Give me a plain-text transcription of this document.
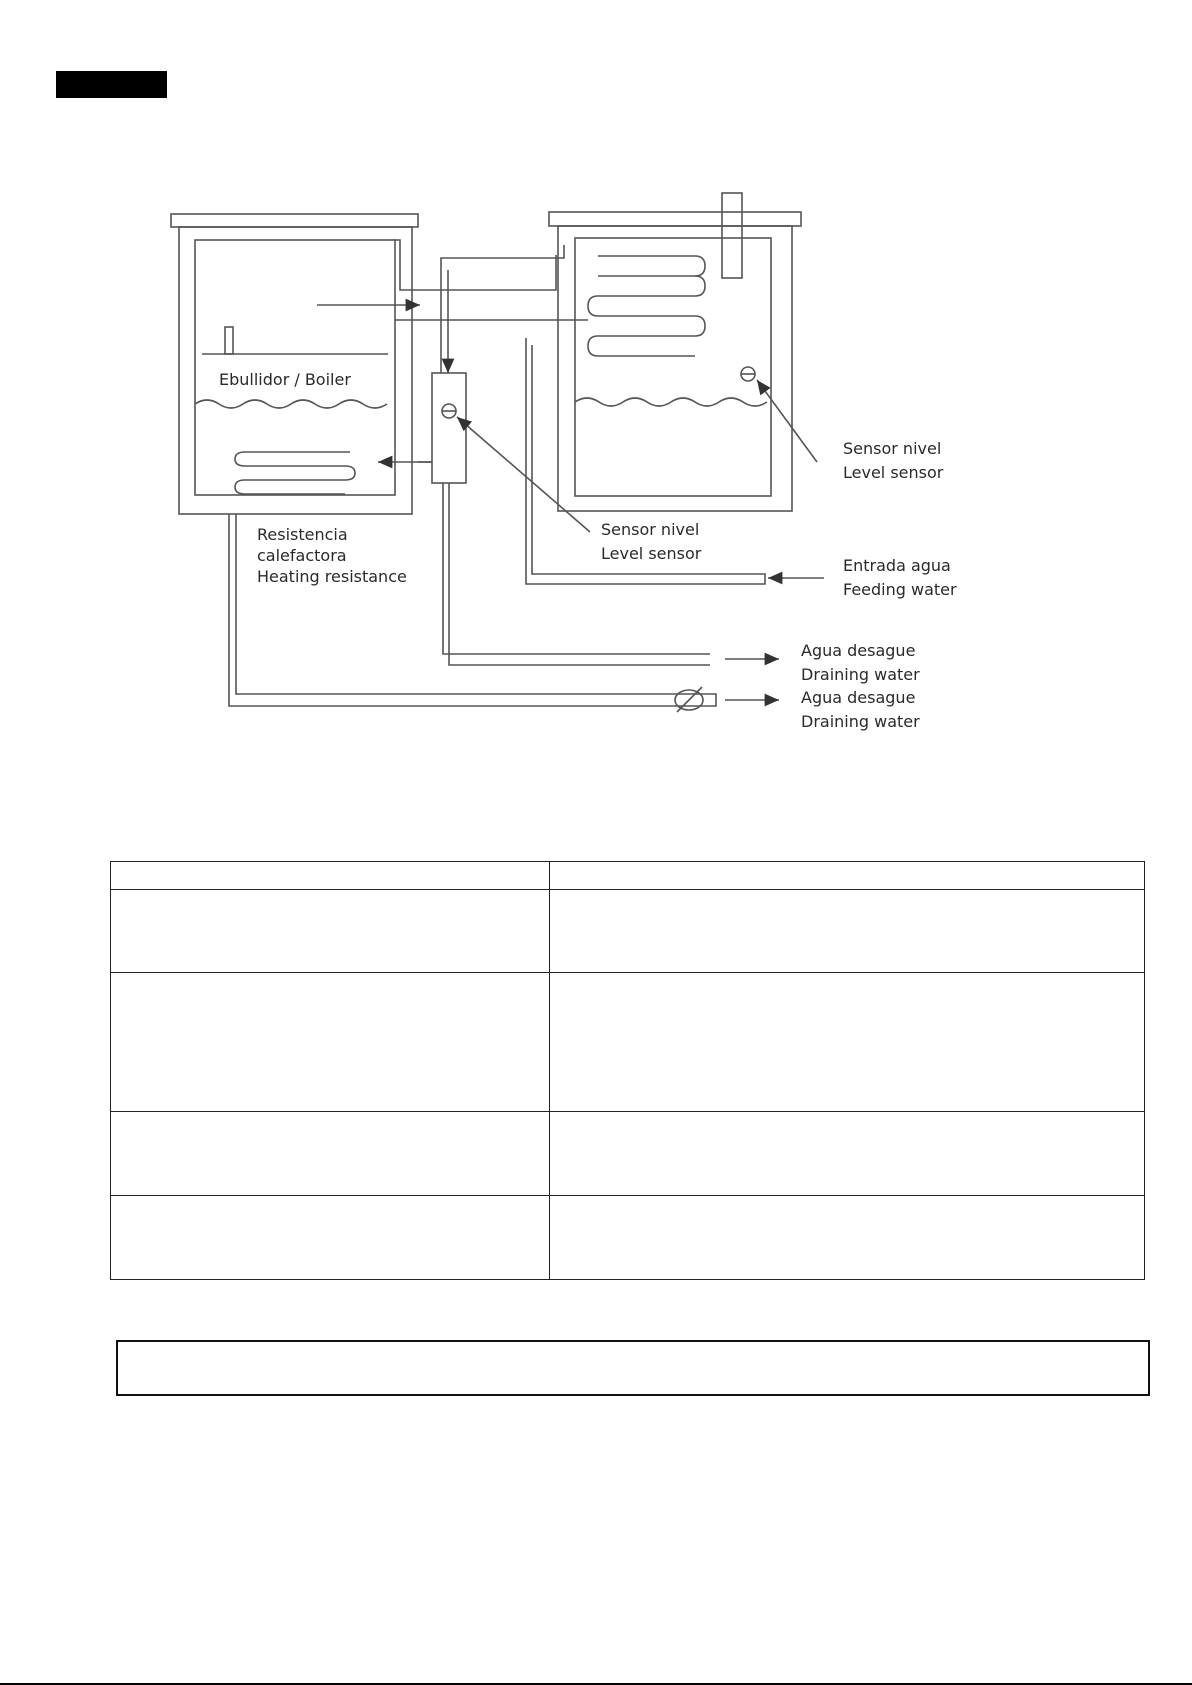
Ebullidor / Boiler
Resistencia
calefactora
Heating resistance
Sensor nivel
Level sensor
Sensor nivel
Level sensor
Entrada agua
Feeding water
Agua desague
Draining water
Agua desague
Draining water
